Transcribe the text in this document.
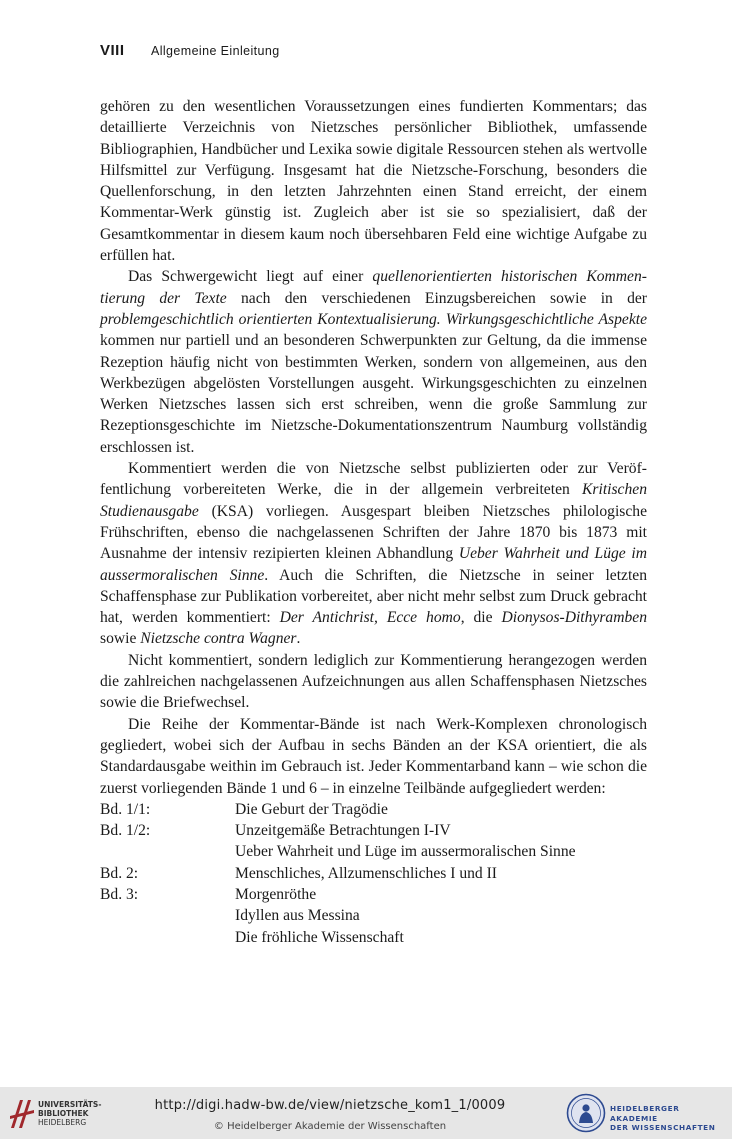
VIII Allgemeine Einleitung

gehören zu den wesentlichen Voraussetzungen eines fundierten Kommentars; das detaillierte Verzeichnis von Nietzsches persönlicher Bibliothek, umfassende Bibliographien, Handbücher und Lexika sowie digitale Ressourcen stehen als wertvolle Hilfsmittel zur Verfügung. Insgesamt hat die Nietzsche-Forschung, besonders die Quellenforschung, in den letzten Jahrzehnten einen Stand erreicht, der einem Kommentar-Werk günstig ist. Zugleich aber ist sie so spezialisiert, daß der Gesamtkommentar in diesem kaum noch übersehbaren Feld eine wichtige Aufgabe zu erfüllen hat.

Das Schwergewicht liegt auf einer quellenorientierten historischen Kommentierung der Texte nach den verschiedenen Einzugsbereichen sowie in der problemgeschichtlich orientierten Kontextualisierung. Wirkungsgeschichtliche Aspekte kommen nur partiell und an besonderen Schwerpunkten zur Geltung, da die immense Rezeption häufig nicht von bestimmten Werken, sondern von allgemeinen, aus den Werkbezügen abgelösten Vorstellungen ausgeht. Wirkungsgeschichten zu einzelnen Werken Nietzsches lassen sich erst schreiben, wenn die große Sammlung zur Rezeptionsgeschichte im Nietzsche-Dokumentationszentrum Naumburg vollständig erschlossen ist.

Kommentiert werden die von Nietzsche selbst publizierten oder zur Veröffentlichung vorbereiteten Werke, die in der allgemein verbreiteten Kritischen Studienausgabe (KSA) vorliegen. Ausgespart bleiben Nietzsches philologische Frühschriften, ebenso die nachgelassenen Schriften der Jahre 1870 bis 1873 mit Ausnahme der intensiv rezipierten kleinen Abhandlung Ueber Wahrheit und Lüge im aussermoralischen Sinne. Auch die Schriften, die Nietzsche in seiner letzten Schaffensphase zur Publikation vorbereitet, aber nicht mehr selbst zum Druck gebracht hat, werden kommentiert: Der Antichrist, Ecce homo, die Dionysos-Dithyramben sowie Nietzsche contra Wagner.

Nicht kommentiert, sondern lediglich zur Kommentierung herangezogen werden die zahlreichen nachgelassenen Aufzeichnungen aus allen Schaffensphasen Nietzsches sowie die Briefwechsel.

Die Reihe der Kommentar-Bände ist nach Werk-Komplexen chronologisch gegliedert, wobei sich der Aufbau in sechs Bänden an der KSA orientiert, die als Standardausgabe weithin im Gebrauch ist. Jeder Kommentarband kann – wie schon die zuerst vorliegenden Bände 1 und 6 – in einzelne Teilbände aufgegliedert werden:

Bd. 1/1:	Die Geburt der Tragödie
Bd. 1/2:	Unzeitgemäße Betrachtungen I-IV
Ueber Wahrheit und Lüge im aussermoralischen Sinne
Bd. 2:	Menschliches, Allzumenschliches I und II
Bd. 3:	Morgenröthe
Idyllen aus Messina
Die fröhliche Wissenschaft
UNIVERSITÄTS-
BIBLIOTHEK
HEIDELBERG
http://digi.hadw-bw.de/view/nietzsche_kom1_1/0009
© Heidelberger Akademie der Wissenschaften
HEIDELBERGER AKADEMIE
DER WISSENSCHAFTEN
